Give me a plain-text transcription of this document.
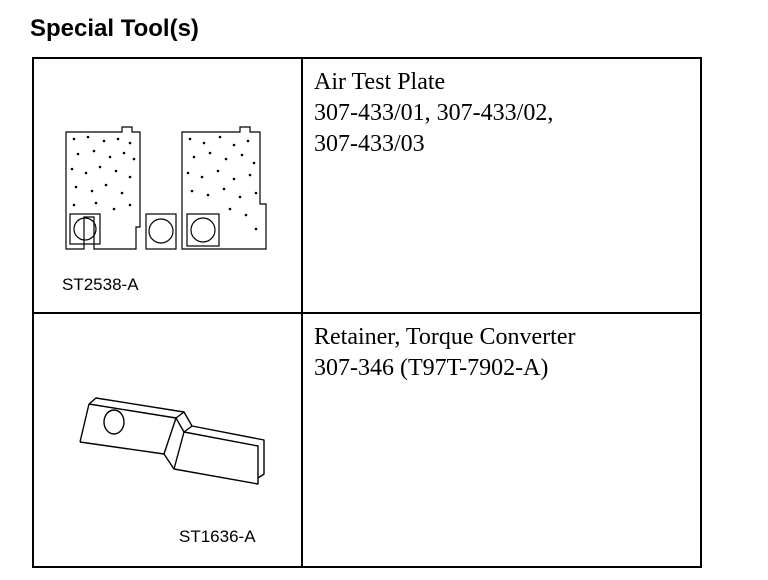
Special Tool(s)
ST2538-A	Air Test Plate
307-433/01, 307-433/02,
307-433/03

ST1636-A	Retainer, Torque Converter
307-346 (T97T-7902-A)
